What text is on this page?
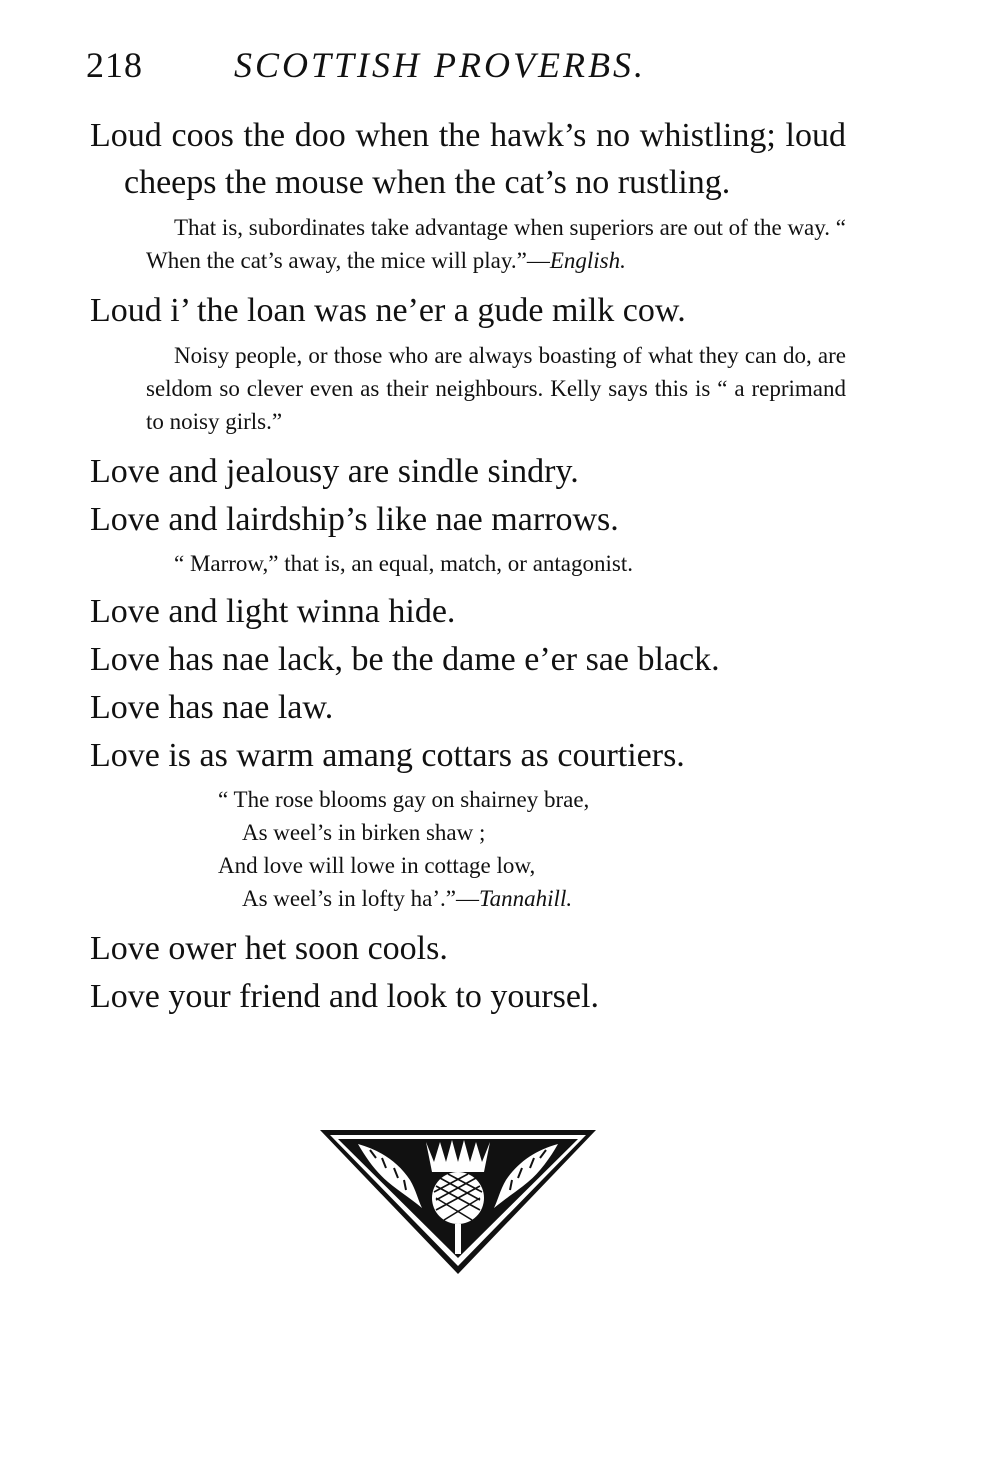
218	SCOTTISH PROVERBS.

Loud coos the doo when the hawk’s no whistling; loud cheeps the mouse when the cat’s no rustling.

That is, subordinates take advantage when superiors are out of the way. “ When the cat’s away, the mice will play.”—English.

Loud i’ the loan was ne’er a gude milk cow.

Noisy people, or those who are always boasting of what they can do, are seldom so clever even as their neighbours. Kelly says this is “ a reprimand to noisy girls.”

Love and jealousy are sindle sindry.

Love and lairdship’s like nae marrows.

“ Marrow,” that is, an equal, match, or antagonist.

Love and light winna hide.

Love has nae lack, be the dame e’er sae black.

Love has nae law.

Love is as warm amang cottars as courtiers.

“ The rose blooms gay on shairney brae,
As weel’s in birken shaw ;
And love will lowe in cottage low,
As weel’s in lofty ha’.”—Tannahill.

Love ower het soon cools.

Love your friend and look to yoursel.
